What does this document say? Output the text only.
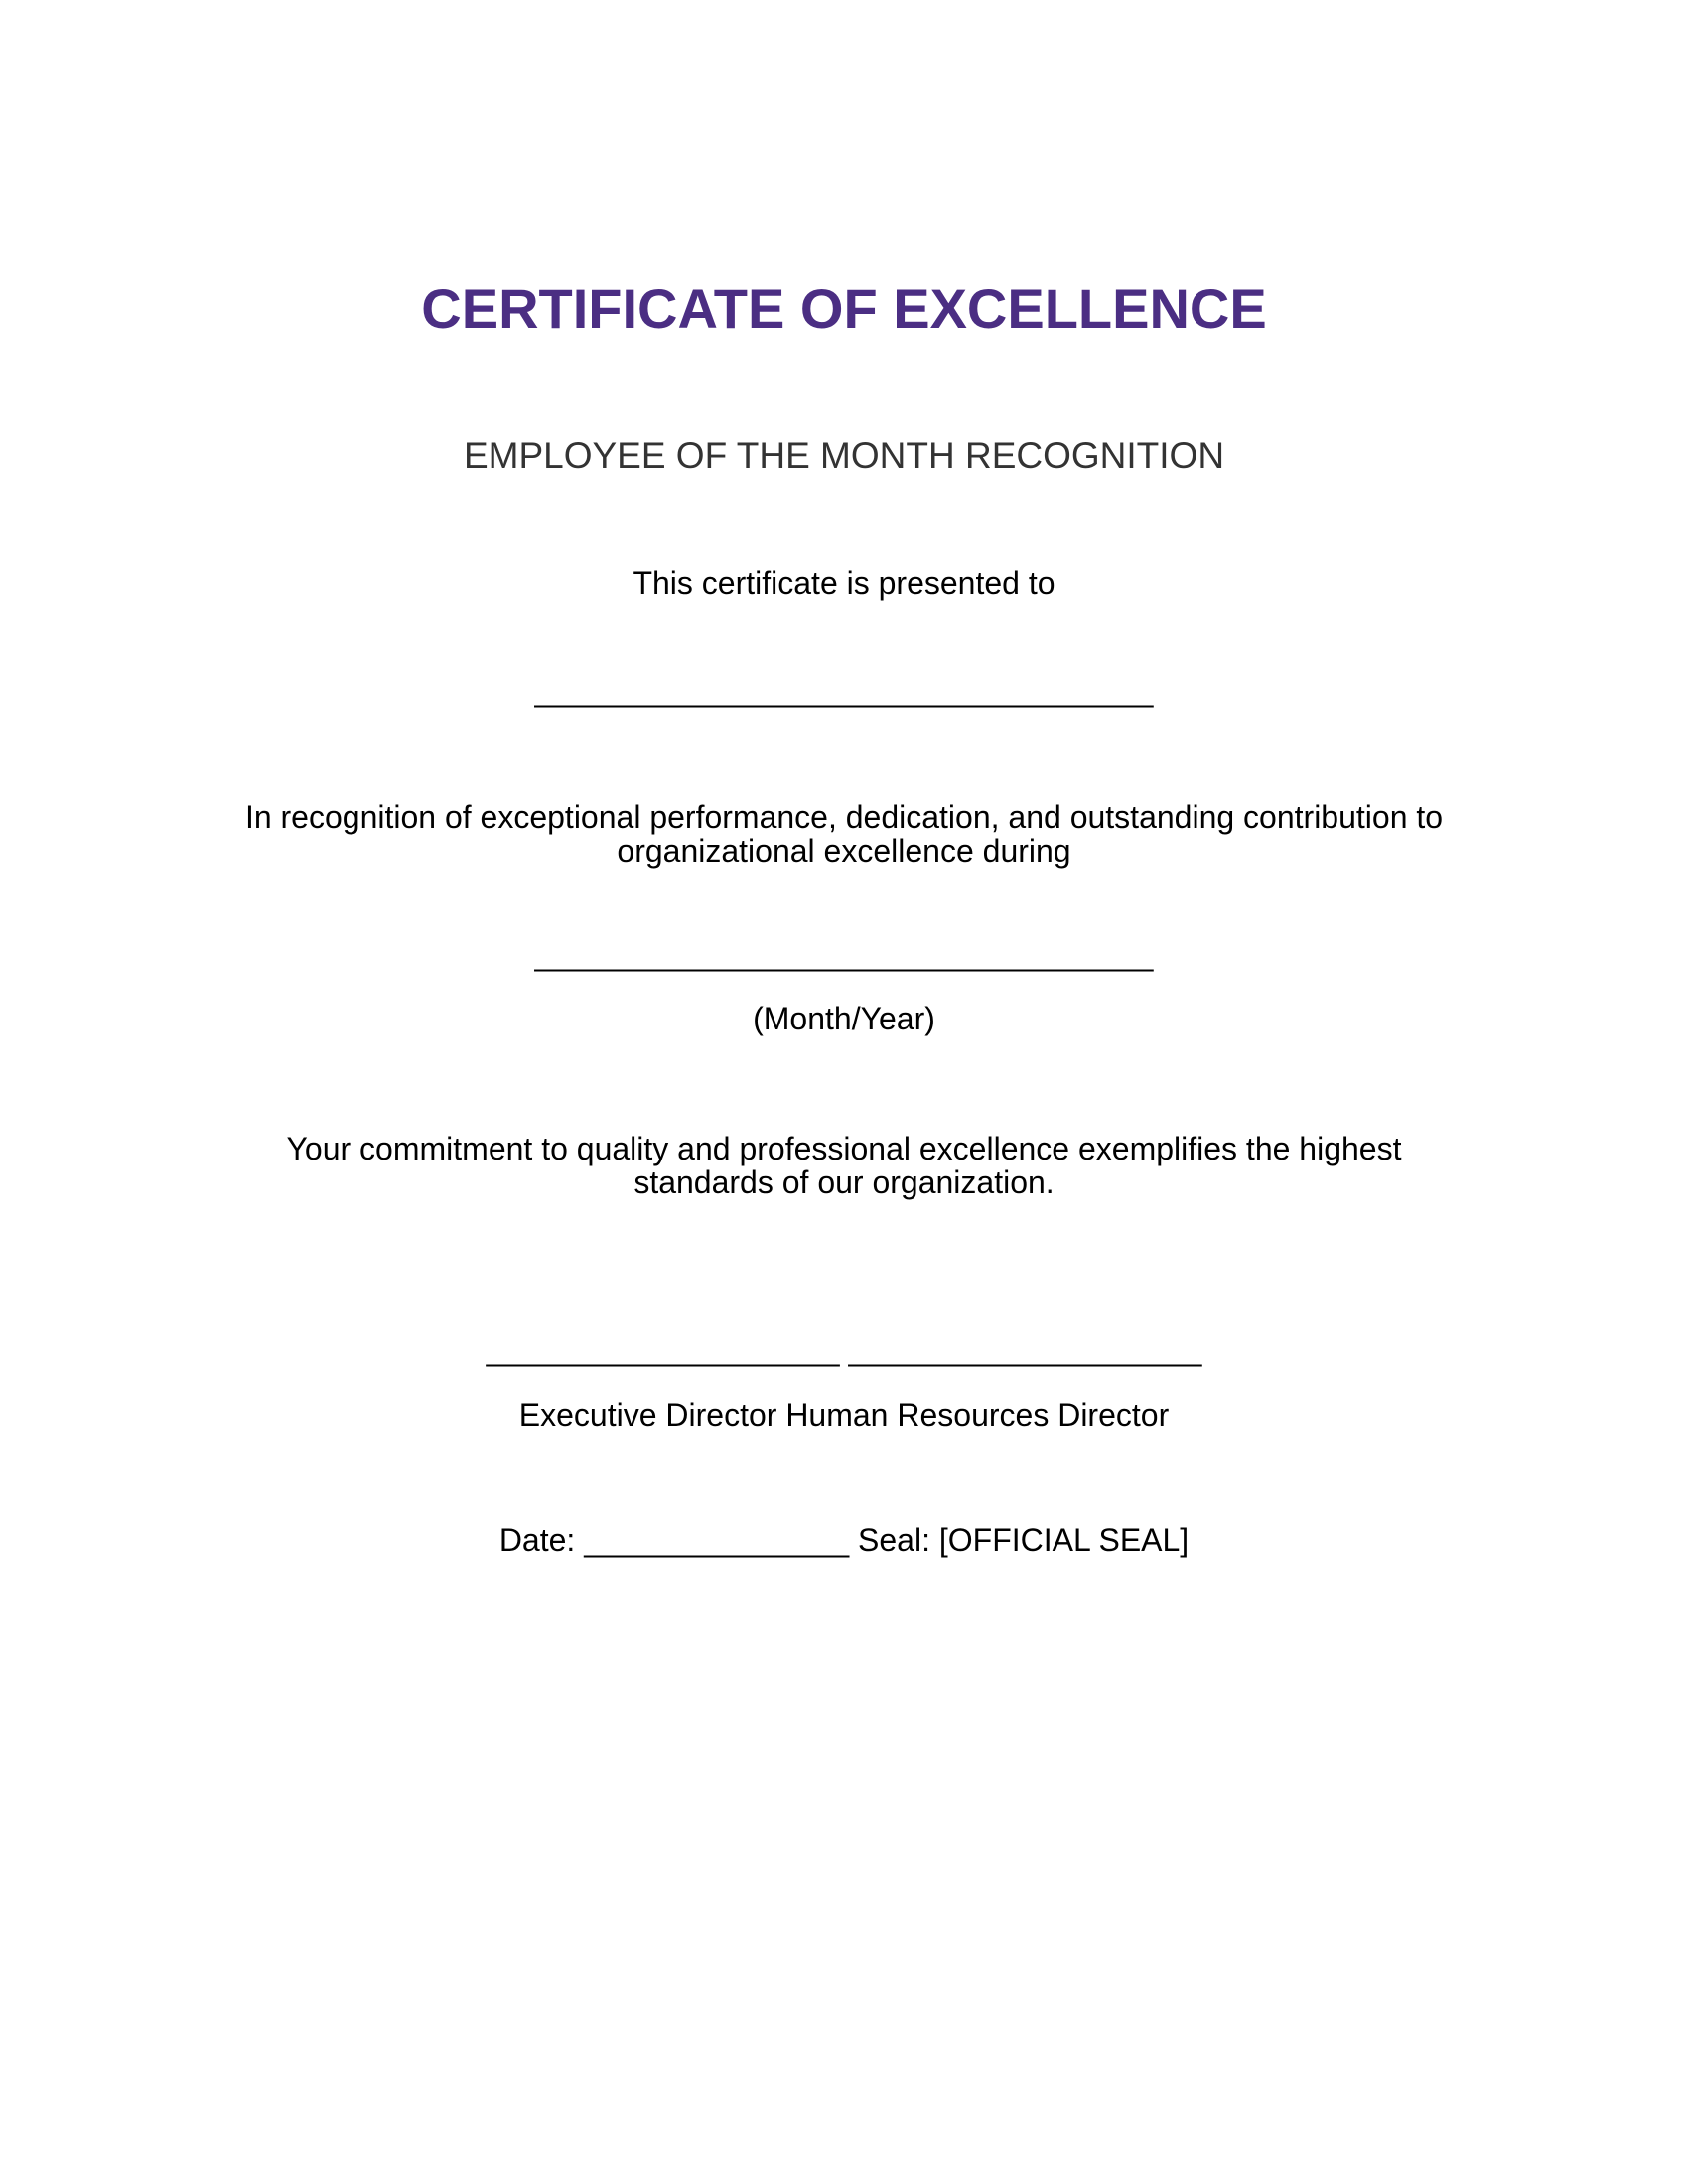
CERTIFICATE OF EXCELLENCE
EMPLOYEE OF THE MONTH RECOGNITION
This certificate is presented to
___________________________________
In recognition of exceptional performance, dedication, and outstanding contribution to
organizational excellence during
___________________________________
(Month/Year)
Your commitment to quality and professional excellence exemplifies the highest
standards of our organization.
____________________ ____________________
Executive Director Human Resources Director
Date: _______________ Seal: [OFFICIAL SEAL]
